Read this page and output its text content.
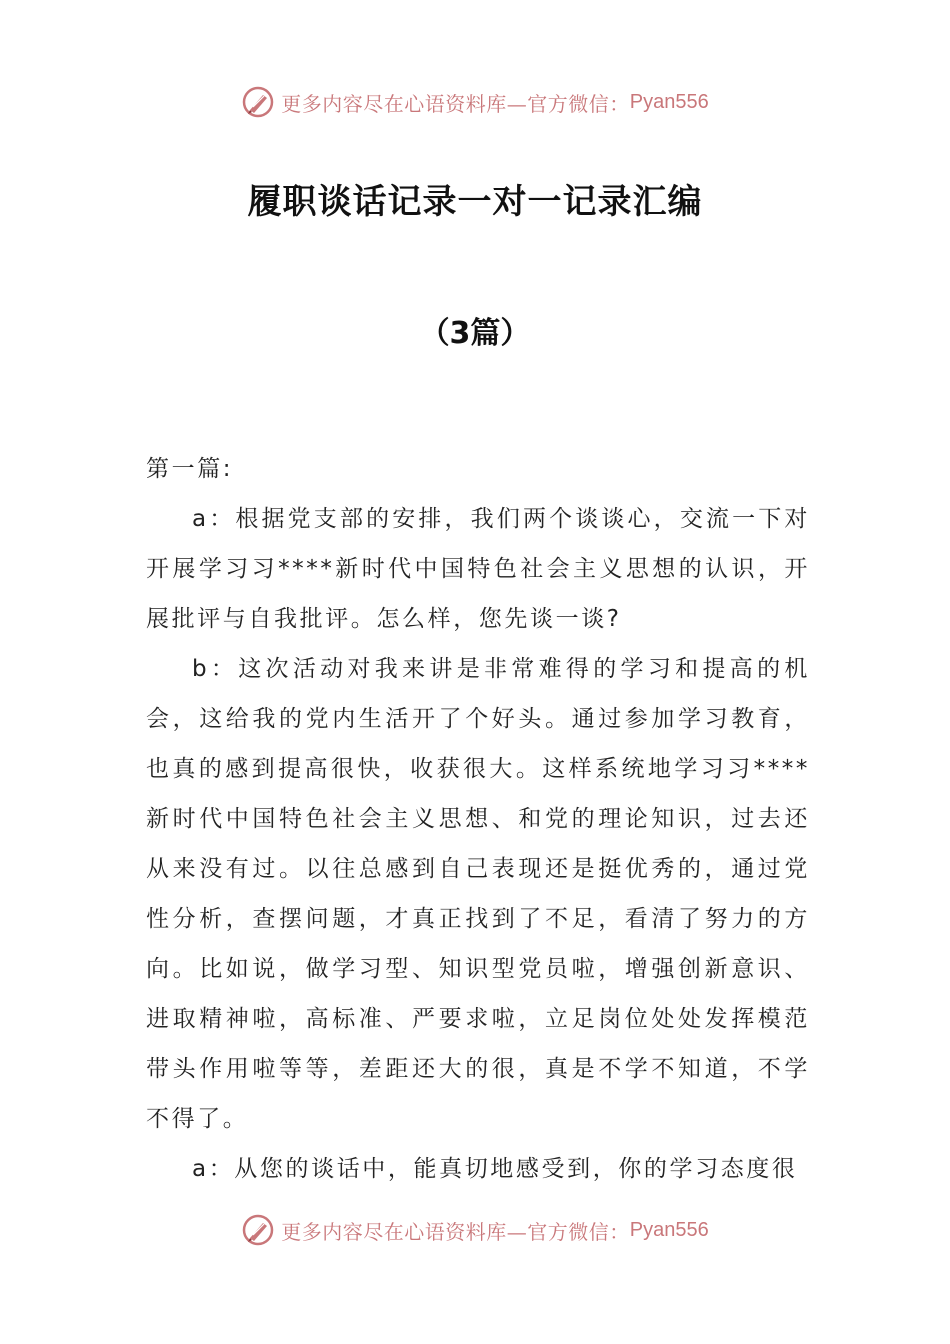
更多内容尽在心语资料库—官方微信： Pyan556
履职谈话记录一对一记录汇编
（3篇）

第一篇:

a：根据党支部的安排，我们两个谈谈心，交流一下对开展学习习****新时代中国特色社会主义思想的认识，开展批评与自我批评。怎么样，您先谈一谈?

b：这次活动对我来讲是非常难得的学习和提高的机会，这给我的党内生活开了个好头。通过参加学习教育，也真的感到提高很快，收获很大。这样系统地学习习****新时代中国特色社会主义思想、和党的理论知识，过去还从来没有过。以往总感到自己表现还是挺优秀的，通过党性分析，查摆问题，才真正找到了不足，看清了努力的方向。比如说，做学习型、知识型党员啦，增强创新意识、进取精神啦，高标准、严要求啦，立足岗位处处发挥模范带头作用啦等等，差距还大的很，真是不学不知道，不学不得了。

a：从您的谈话中，能真切地感受到，你的学习态度很

更多内容尽在心语资料库—官方微信： Pyan556
